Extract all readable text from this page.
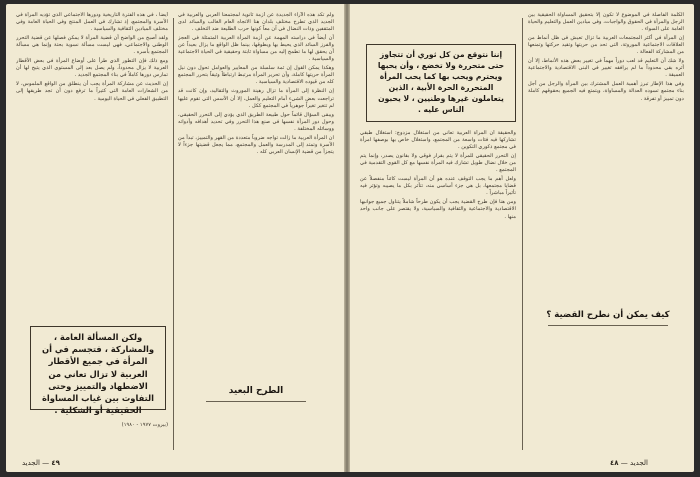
ولم تكد هذه الآراء الجديدة عن أزمة ثانوية لمجتمعنا العربي والعربية في الجديد الذي تطرح مختلف بلدان هنا الاتجاه العام الغالب والسائد لدى المثقفين وذات النضال في آن معاً كونها حرب الطليعة ضد التخلف .

أن أيضاً في دراسته المهمة عن أزمة المرأة العربية المتمثلة في العجز والفرز السائد الذي يحيط بها ويطوقها، بينما ظل الواقع ما يزال بعيداً عن أن يحقق لها ما تطمح إليه من مساواة ثابتة وحقيقية في الحياة الاجتماعية والسياسية .

وهكذا يمكن القول إن ثمة سلسلة من المعايير والعوامل تحول دون نيل المرأة حريتها كاملة، وأن تحرير المرأة مرتبط ارتباطاً وثيقاً بتحرر المجتمع كله من قيوده الاقتصادية والسياسية .

إن النظرة إلى المرأة ما تزال رهينة الموروث والتقاليد، وإن كانت قد تراجعت بعض الشيء أمام التعليم والعمل، إلا أن الأسس التي تقوم عليها لم تتغير تغيراً جوهرياً في المجتمع ككل .

ويبقى السؤال قائماً حول طبيعة الطريق الذي يؤدي إلى التحرر الحقيقي، وحول دور المرأة نفسها في صنع هذا التحرر وفي تحديد أهدافه وأدواته ووسائله المختلفة .

ان المرأة العربية ما زالت تواجه ضروباً متعددة من القهر والتمييز، تبدأ من الأسرة وتمتد إلى المدرسة والعمل والمجتمع، مما يجعل قضيتها جزءاً لا يتجزأ من قضية الإنسان العربي كله .

أيضاً ، في هذه الفترة التاريخية ودورها الاجتماعي الذي تؤديه المرأة في الأسرة والمجتمع، إذ تشارك في العمل المنتج وفي الحياة العامة وفي مختلف الميادين الثقافية والسياسية .

ولقد أصبح من الواضح أن قضية المرأة لا يمكن فصلها عن قضية التحرر الوطني والاجتماعي، فهي ليست مسألة نسوية بحتة وإنما هي مسألة المجتمع بأسره .

ومع ذلك فإن التطور الذي طرأ على أوضاع المرأة في بعض الأقطار العربية لا يزال محدوداً، ولم يصل بعد إلى المستوى الذي يتيح لها أن تمارس دورها كاملاً في بناء المجتمع الجديد .

إن الحديث عن مشاركة المرأة يجب أن ينطلق من الواقع الملموس، لا من الشعارات العامة التي كثيراً ما ترفع دون أن تجد طريقها إلى التطبيق الفعلي في الحياة اليومية .

ولكن المسألة العامة ، والمشاركة ، فتجسم في أن المرأة في جميع الأقطار العربية لا تزال تعاني من الاضطهاد والتمييز وحتى التفاوت بين غياب المساواة الحقيقية أو الشكلية .

(بيروت ١٩٧٧ - ١٩٨٠)

الطرح البعيد
٤٩ — الجديد

الكلمة الفاصلة في الموضوع لا تكون إلا بتحقيق المساواة الحقيقية بين الرجل والمرأة في الحقوق والواجبات، وفي ميادين العمل والتعليم والحياة العامة على السواء .

إن المرأة في أكثر المجتمعات العربية ما تزال تعيش في ظل أنماط من العلاقات الاجتماعية الموروثة، التي تحد من حريتها وتقيد حركتها وتمنعها من المشاركة الفعالة .

ولا شك أن التعليم قد لعب دوراً مهماً في تغيير بعض هذه الأنماط، إلا أن أثره بقي محدوداً ما لم يرافقه تغيير في البنى الاقتصادية والاجتماعية العميقة .

وفي هذا الإطار تبرز أهمية العمل المشترك بين المرأة والرجل من أجل بناء مجتمع تسوده العدالة والمساواة، ويتمتع فيه الجميع بحقوقهم كاملة دون تمييز أو تفرقة .

إننا نتوقع من كل ثوري أن تتجاوز حتى متحررة ولا تخضع ، وأن يحبها ويحترم ويحب بها كما يحب المرأة المتحررة الحرة الأبية ، الذين يتعاملون غيرها وطنيين ، لا يحبون الناس عليه .

والحقيقة أن المرأة العربية تعاني من استغلال مزدوج: استغلال طبقي تشاركها فيه فئات واسعة من المجتمع، واستغلال خاص بها بوصفها امرأة في مجتمع ذكوري التكوين .

إن التحرر الحقيقي للمرأة لا يتم بقرار فوقي ولا بقانون يصدر، وإنما يتم من خلال نضال طويل تشارك فيه المرأة نفسها مع كل القوى التقدمية في المجتمع .

ولعل أهم ما يجب التوقف عنده هو أن المرأة ليست كائناً منفصلاً عن قضايا مجتمعها، بل هي جزء أساسي منه، تتأثر بكل ما يصيبه وتؤثر فيه تأثيراً مباشراً .

ومن هنا فإن طرح القضية يجب أن يكون طرحاً شاملاً يتناول جميع جوانبها الاقتصادية والاجتماعية والثقافية والسياسية، ولا يقتصر على جانب واحد منها .

كيف يمكن أن نطرح القضية ؟
الجديد — ٤٨
